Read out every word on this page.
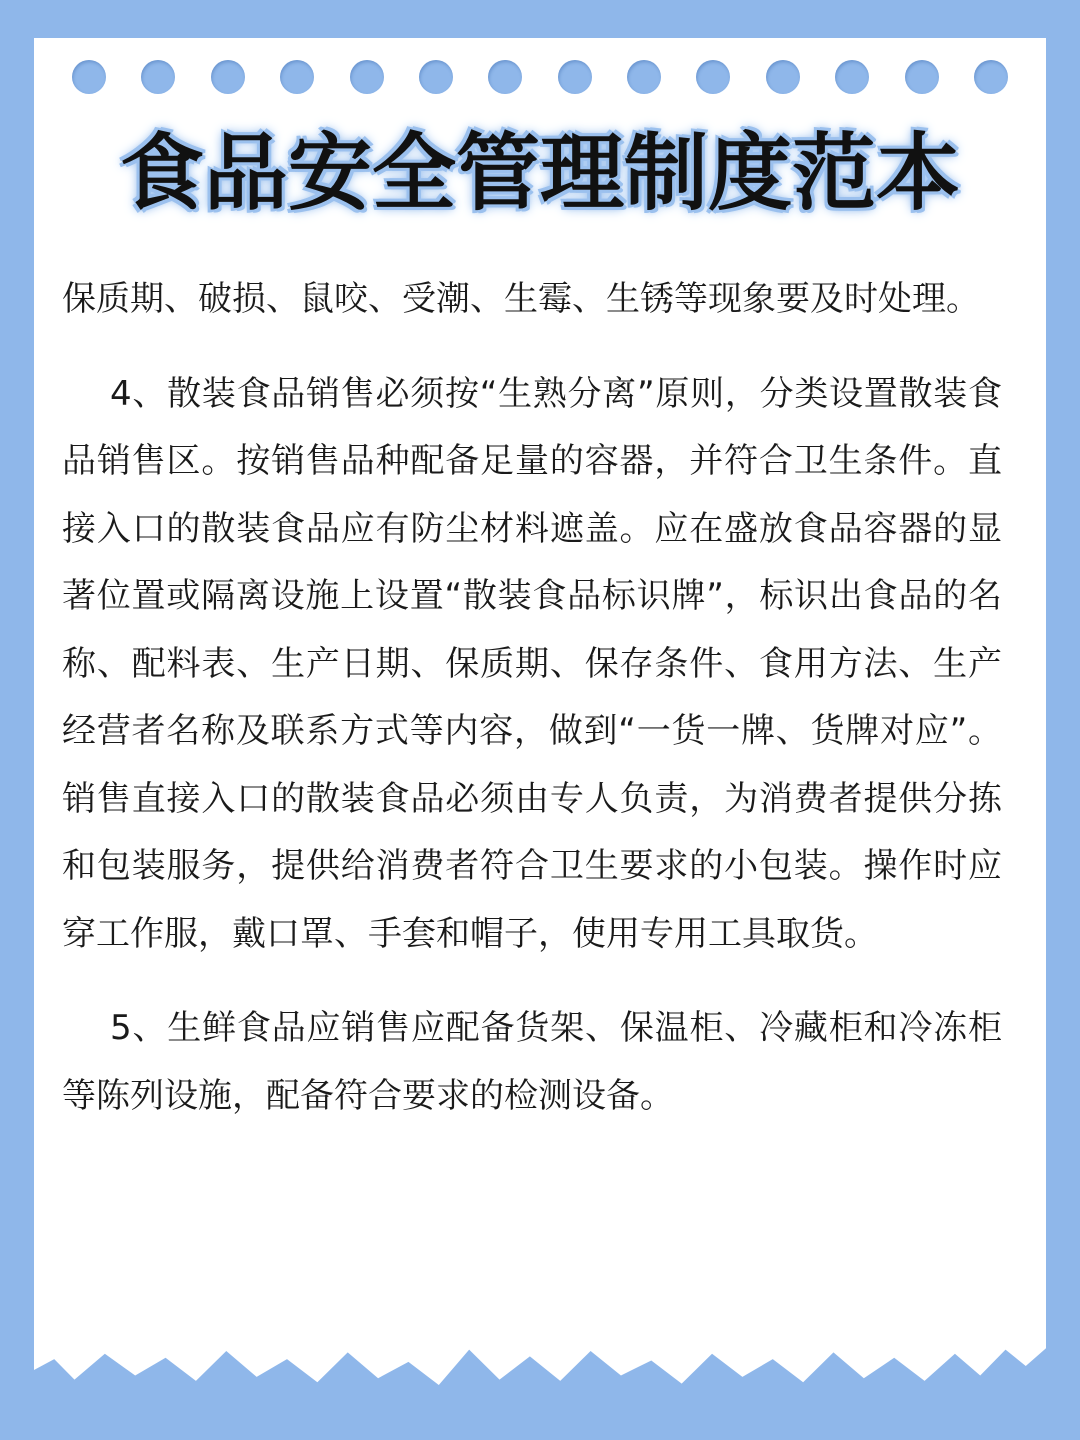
食品安全管理制度范本

保质期、破损、鼠咬、受潮、生霉、生锈等现象要及时处理。

4、散装食品销售必须按“生熟分离”原则，分类设置散装食品销售区。按销售品种配备足量的容器，并符合卫生条件。直接入口的散装食品应有防尘材料遮盖。应在盛放食品容器的显著位置或隔离设施上设置“散装食品标识牌”，标识出食品的名称、配料表、生产日期、保质期、保存条件、食用方法、生产经营者名称及联系方式等内容，做到“一货一牌、货牌对应”。销售直接入口的散装食品必须由专人负责，为消费者提供分拣和包装服务，提供给消费者符合卫生要求的小包装。操作时应穿工作服，戴口罩、手套和帽子，使用专用工具取货。

5、生鲜食品应销售应配备货架、保温柜、冷藏柜和冷冻柜等陈列设施，配备符合要求的检测设备。
